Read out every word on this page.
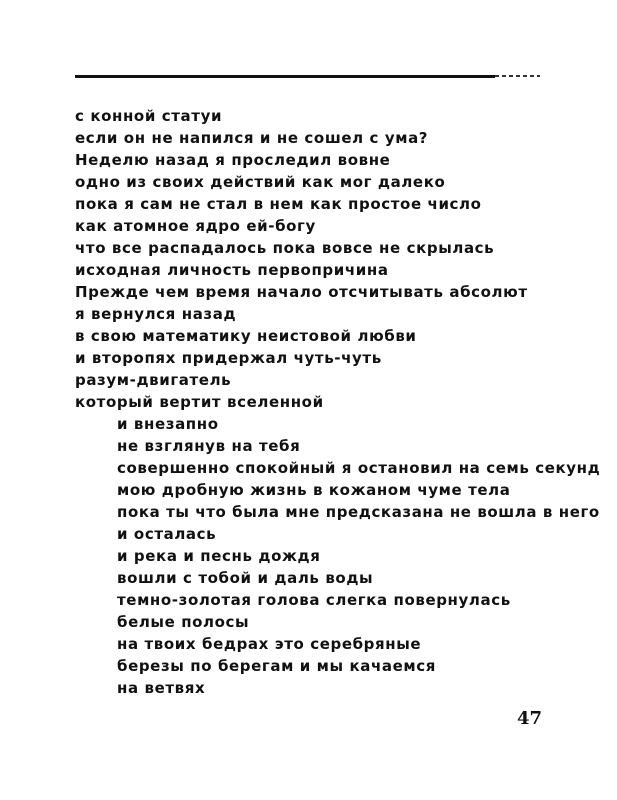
с конной статуи
если он не напился и не сошел с ума?
Неделю назад я проследил вовне
одно из своих действий как мог далеко
пока я сам не стал в нем как простое число
как атомное ядро ей-богу
что все распадалось пока вовсе не скрылась
исходная личность первопричина
Прежде чем время начало отсчитывать абсолют
я вернулся назад
в свою математику неистовой любви
и второпях придержал чуть-чуть
разум-двигатель
который вертит вселенной
и внезапно
не взглянув на тебя
совершенно спокойный я остановил на семь секунд
мою дробную жизнь в кожаном чуме тела
пока ты что была мне предсказана не вошла в него
и осталась
и река и песнь дождя
вошли с тобой и даль воды
темно-золотая голова слегка повернулась
белые полосы
на твоих бедрах это серебряные
березы по берегам и мы качаемся
на ветвях
47
